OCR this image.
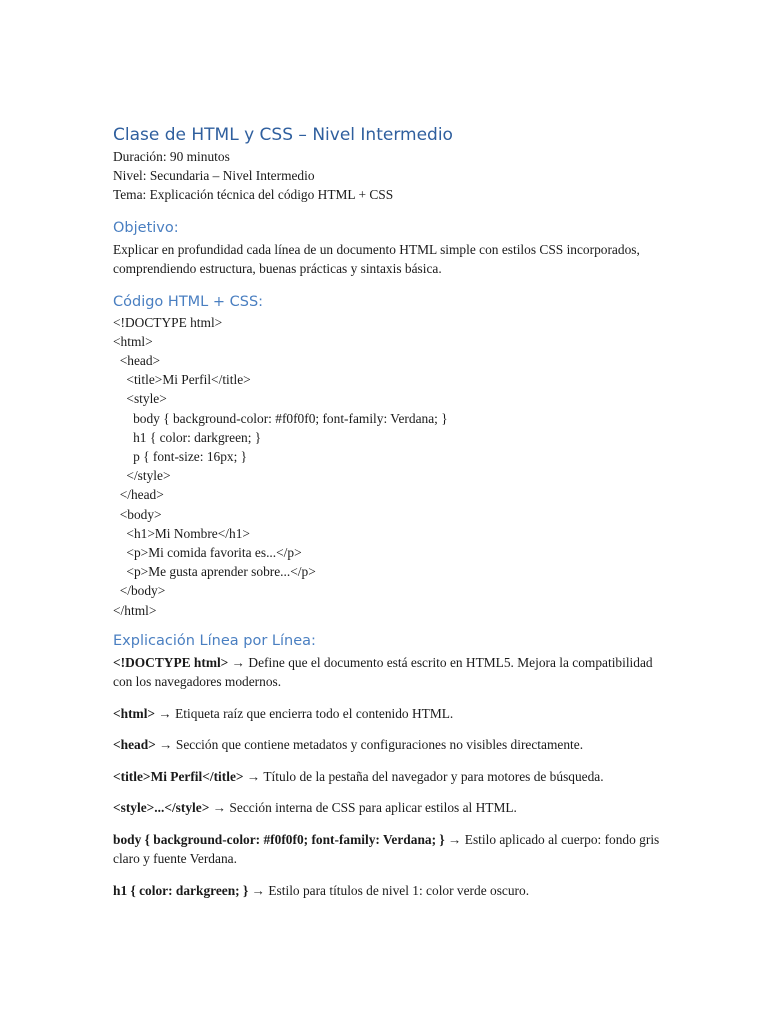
Clase de HTML y CSS – Nivel Intermedio
Duración: 90 minutos
Nivel: Secundaria – Nivel Intermedio
Tema: Explicación técnica del código HTML + CSS
Objetivo:
Explicar en profundidad cada línea de un documento HTML simple con estilos CSS incorporados, comprendiendo estructura, buenas prácticas y sintaxis básica.
Código HTML + CSS:
<!DOCTYPE html>
<html>
<head>
<title>Mi Perfil</title>
<style>
body { background-color: #f0f0f0; font-family: Verdana; }
h1 { color: darkgreen; }
p { font-size: 16px; }
</style>
</head>
<body>
<h1>Mi Nombre</h1>
<p>Mi comida favorita es...</p>
<p>Me gusta aprender sobre...</p>
</body>
</html>
Explicación Línea por Línea:
<!DOCTYPE html> → Define que el documento está escrito en HTML5. Mejora la compatibilidad con los navegadores modernos.
<html> → Etiqueta raíz que encierra todo el contenido HTML.
<head> → Sección que contiene metadatos y configuraciones no visibles directamente.
<title>Mi Perfil</title> → Título de la pestaña del navegador y para motores de búsqueda.
<style>...</style> → Sección interna de CSS para aplicar estilos al HTML.
body { background-color: #f0f0f0; font-family: Verdana; } → Estilo aplicado al cuerpo: fondo gris claro y fuente Verdana.
h1 { color: darkgreen; } → Estilo para títulos de nivel 1: color verde oscuro.
